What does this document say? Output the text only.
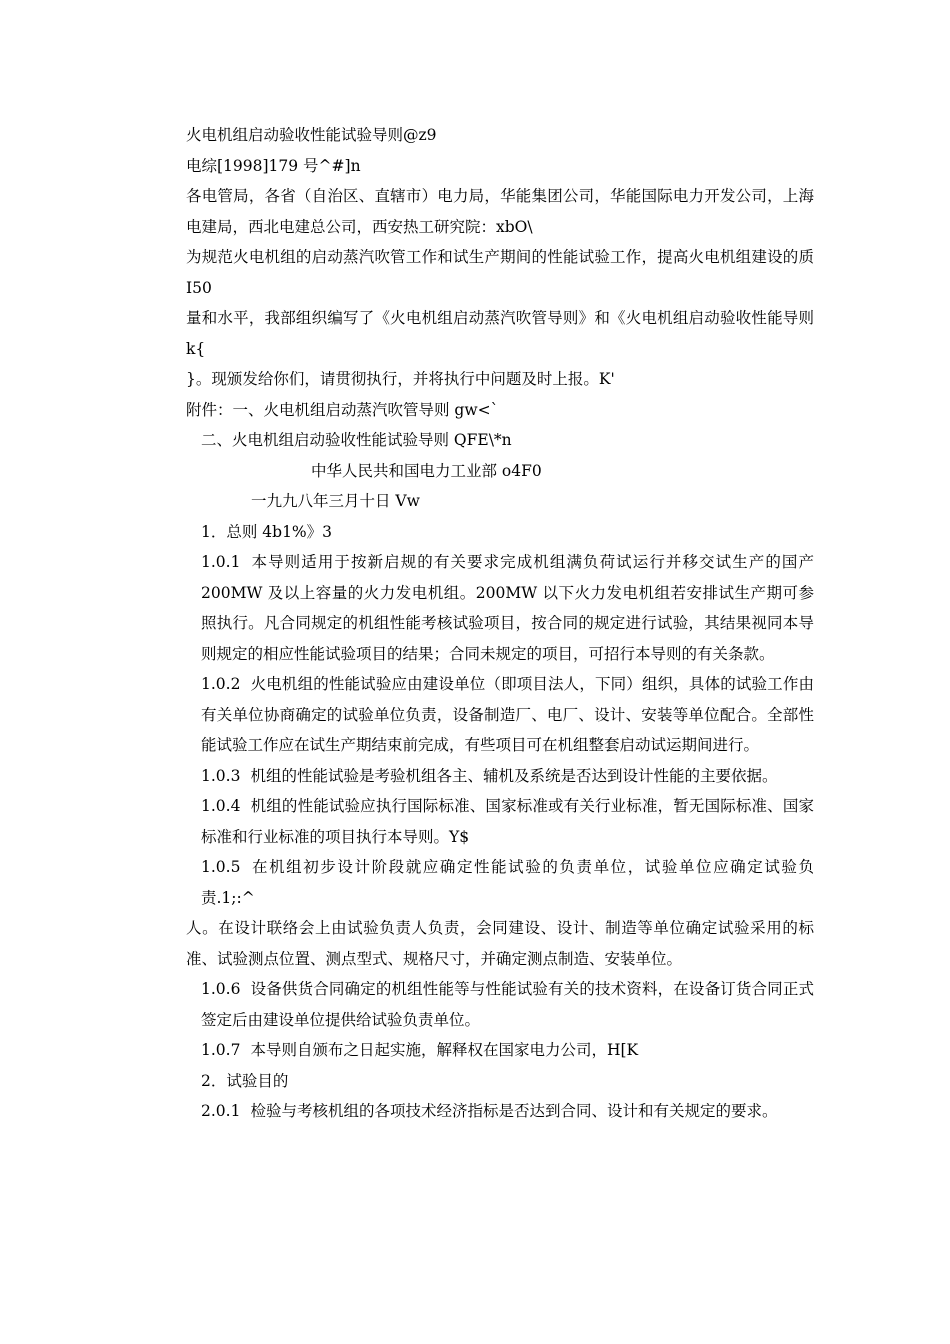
火电机组启动验收性能试验导则@z9

电综[1998]179 号^#]n

各电管局，各省（自治区、直辖市）电力局，华能集团公司，华能国际电力开发公司，上海电建局，西北电建总公司，西安热工研究院：xbO\

为规范火电机组的启动蒸汽吹管工作和试生产期间的性能试验工作，提高火电机组建设的质 I50

量和水平，我部组织编写了《火电机组启动蒸汽吹管导则》和《火电机组启动验收性能导则 k{

}。现颁发给你们，请贯彻执行，并将执行中问题及时上报。K'

附件：一、火电机组启动蒸汽吹管导则 gw<`

二、火电机组启动验收性能试验导则 QFE\*n

中华人民共和国电力工业部 o4F0

一九九八年三月十日 Vw

1．总则 4b1%》3

1.0.1 本导则适用于按新启规的有关要求完成机组满负荷试运行并移交试生产的国产 200MW 及以上容量的火力发电机组。200MW 以下火力发电机组若安排试生产期可参照执行。凡合同规定的机组性能考核试验项目，按合同的规定进行试验，其结果视同本导则规定的相应性能试验项目的结果；合同未规定的项目，可招行本导则的有关条款。

1.0.2 火电机组的性能试验应由建设单位（即项目法人，下同）组织，具体的试验工作由有关单位协商确定的试验单位负责，设备制造厂、电厂、设计、安装等单位配合。全部性能试验工作应在试生产期结束前完成，有些项目可在机组整套启动试运期间进行。

1.0.3 机组的性能试验是考验机组各主、辅机及系统是否达到设计性能的主要依据。

1.0.4 机组的性能试验应执行国际标准、国家标准或有关行业标准，暂无国际标准、国家标准和行业标准的项目执行本导则。Y$

1.0.5 在机组初步设计阶段就应确定性能试验的负责单位，试验单位应确定试验负责.1;:^

人。在设计联络会上由试验负责人负责，会同建设、设计、制造等单位确定试验采用的标准、试验测点位置、测点型式、规格尺寸，并确定测点制造、安装单位。

1.0.6 设备供货合同确定的机组性能等与性能试验有关的技术资料，在设备订货合同正式签定后由建设单位提供给试验负责单位。

1.0.7 本导则自颁布之日起实施，解释权在国家电力公司，H[K

2．试验目的

2.0.1 检验与考核机组的各项技术经济指标是否达到合同、设计和有关规定的要求。
